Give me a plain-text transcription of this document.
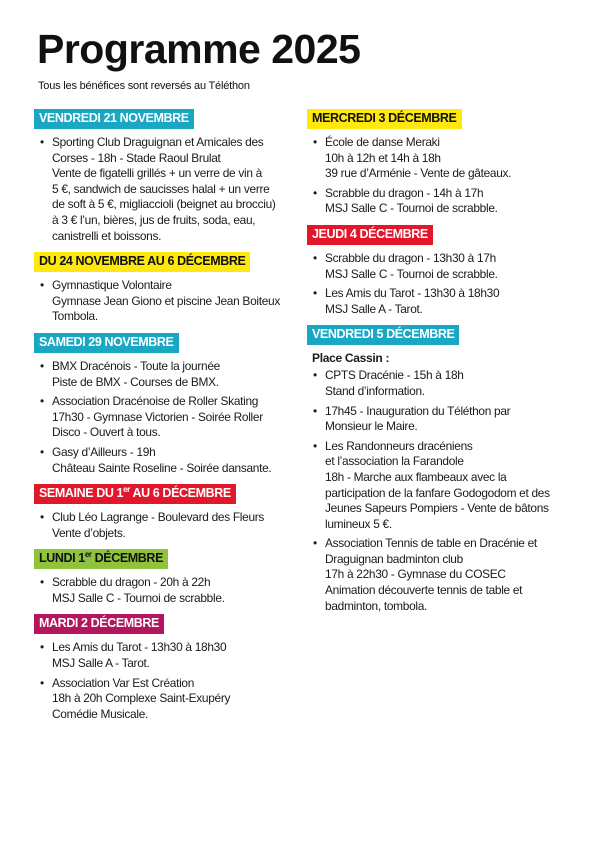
Programme 2025

Tous les bénéfices sont reversés au Téléthon

VENDREDI 21 NOVEMBRE
• Sporting Club Draguignan et Amicales des
Corses - 18h - Stade Raoul Brulat
Vente de figatelli grillés + un verre de vin à
5 €, sandwich de saucisses halal + un verre
de soft à 5 €, migliaccioli (beignet au brocciu)
à 3 € l’un, bières, jus de fruits, soda, eau,
canistrelli et boissons.
DU 24 NOVEMBRE AU 6 DÉCEMBRE
• Gymnastique Volontaire
Gymnase Jean Giono et piscine Jean Boiteux
Tombola.
SAMEDI 29 NOVEMBRE
• BMX Dracénois - Toute la journée
Piste de BMX - Courses de BMX.
• Association Dracénoise de Roller Skating
17h30 - Gymnase Victorien - Soirée Roller
Disco - Ouvert à tous.
• Gasy d’Ailleurs - 19h
Château Sainte Roseline - Soirée dansante.
SEMAINE DU 1er AU 6 DÉCEMBRE
• Club Léo Lagrange - Boulevard des Fleurs
Vente d’objets.
LUNDI 1er DÉCEMBRE
• Scrabble du dragon - 20h à 22h
MSJ Salle C - Tournoi de scrabble.
MARDI 2 DÉCEMBRE
• Les Amis du Tarot - 13h30 à 18h30
MSJ Salle A - Tarot.
• Association Var Est Création
18h à 20h Complexe Saint-Exupéry
Comédie Musicale.
MERCREDI 3 DÉCEMBRE
• École de danse Meraki
10h à 12h et 14h à 18h
39 rue d’Arménie - Vente de gâteaux.
• Scrabble du dragon - 14h à 17h
MSJ Salle C - Tournoi de scrabble.
JEUDI 4 DÉCEMBRE
• Scrabble du dragon - 13h30 à 17h
MSJ Salle C - Tournoi de scrabble.
• Les Amis du Tarot - 13h30 à 18h30
MSJ Salle A - Tarot.
VENDREDI 5 DÉCEMBRE
Place Cassin :
• CPTS Dracénie - 15h à 18h
Stand d’information.
• 17h45 - Inauguration du Téléthon par
Monsieur le Maire.
• Les Randonneurs dracéniens
et l’association la Farandole
18h - Marche aux flambeaux avec la
participation de la fanfare Godogodom et des
Jeunes Sapeurs Pompiers - Vente de bâtons
lumineux 5 €.
• Association Tennis de table en Dracénie et
Draguignan badminton club
17h à 22h30 - Gymnase du COSEC
Animation découverte tennis de table et
badminton, tombola.
